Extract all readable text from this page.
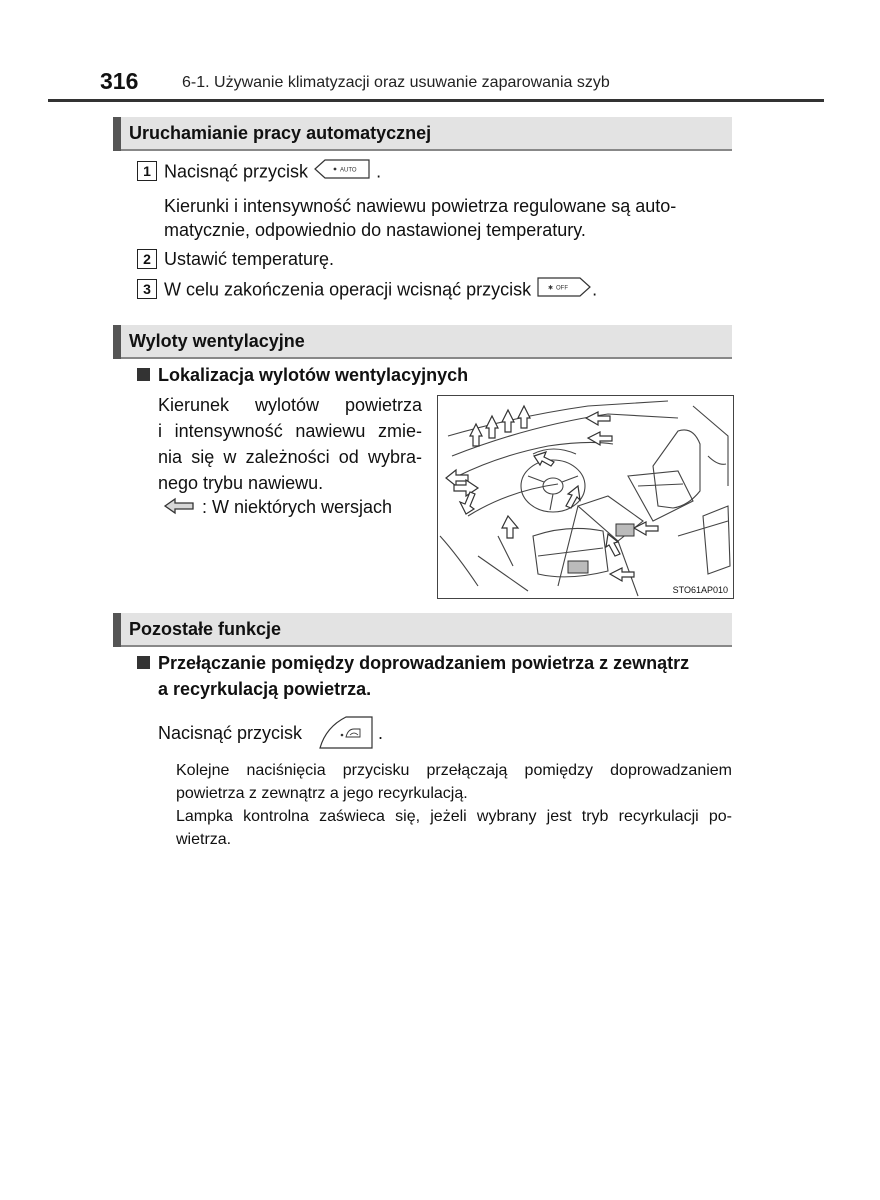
316	6-1. Używanie klimatyzacji oraz usuwanie zaparowania szyb
Uruchamianie pracy automatycznej
1 Nacisnąć przycisk	AUTO .
Kierunki i intensywność nawiewu powietrza regulowane są auto-
matycznie, odpowiednio do nastawionej temperatury.
2 Ustawić temperaturę.
3 W celu zakończenia operacji wcisnąć przycisk	✱ OFF .
Wyloty wentylacyjne
Lokalizacja wylotów wentylacyjnych
Kierunek wylotów powietrza
i intensywność nawiewu zmie-
nia się w zależności od wybra-
nego trybu nawiewu.
: W niektórych wersjach
STO61AP010
Pozostałe funkcje
Przełączanie pomiędzy doprowadzaniem powietrza z zewnątrz
a recyrkulacją powietrza.
Nacisnąć przycisk	.
Kolejne naciśnięcia przycisku przełączają pomiędzy doprowadzaniem
powietrza z zewnątrz a jego recyrkulacją.
Lampka kontrolna zaświeca się, jeżeli wybrany jest tryb recyrkulacji po-
wietrza.
